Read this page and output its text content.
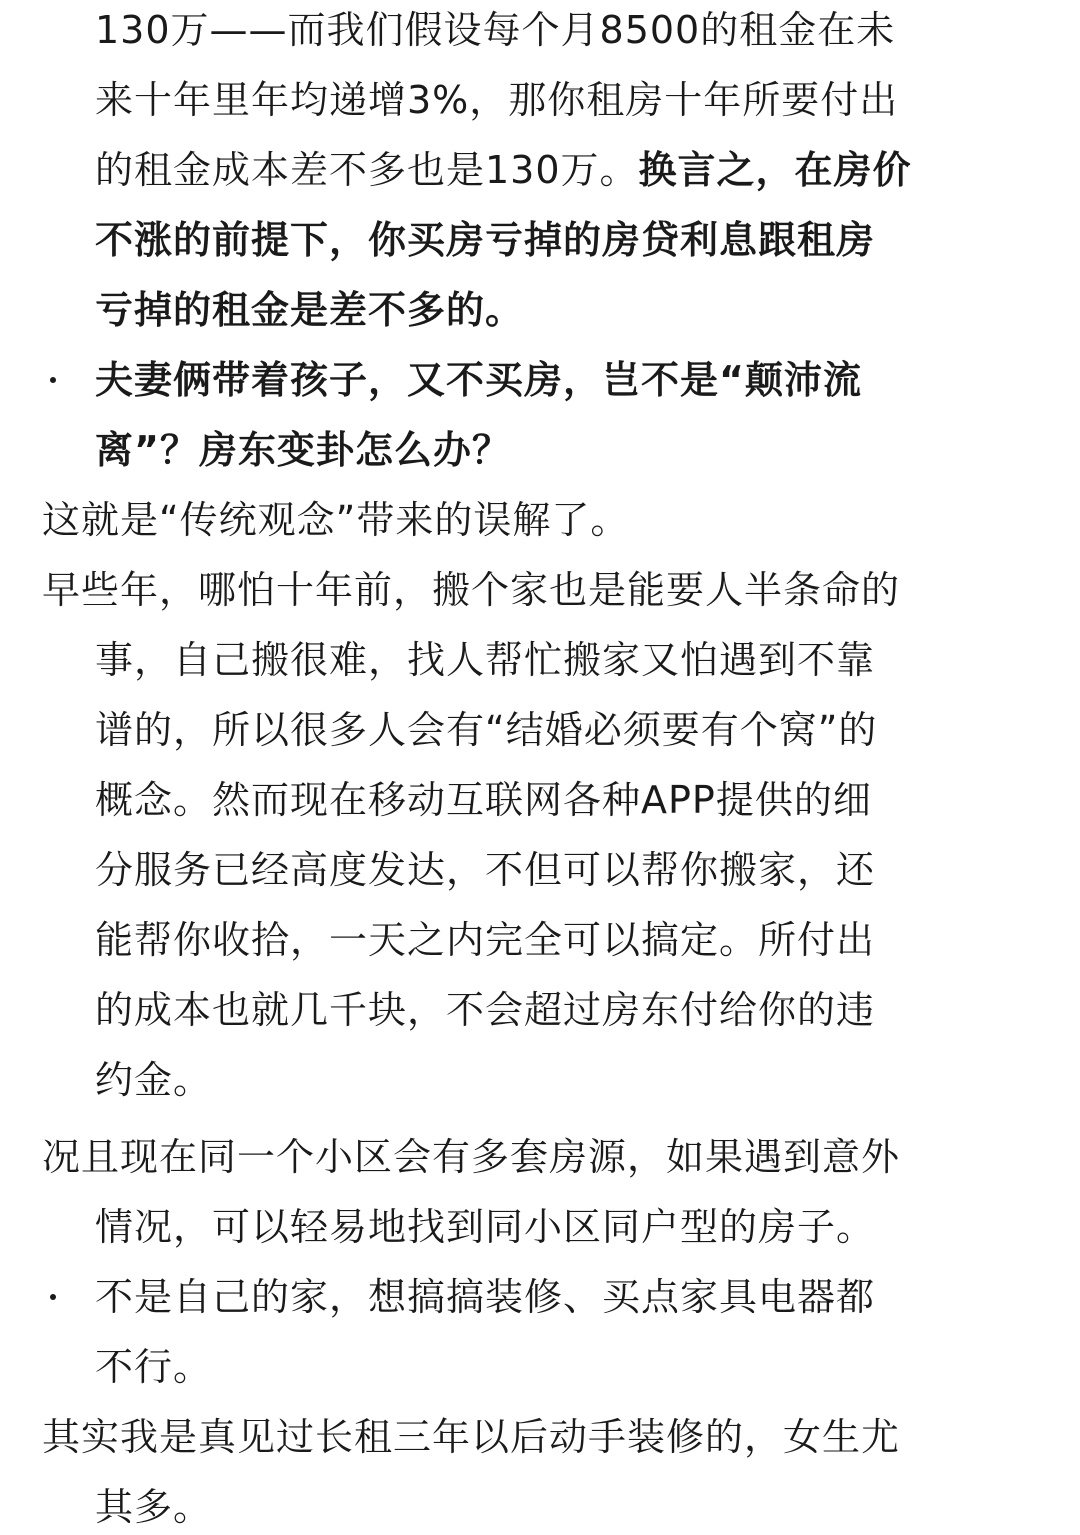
130万——而我们假设每个月8500的租金在未
来十年里年均递增3%，那你租房十年所要付出
的租金成本差不多也是130万。换言之，在房价
不涨的前提下，你买房亏掉的房贷利息跟租房
亏掉的租金是差不多的。
夫妻俩带着孩子，又不买房，岂不是“颠沛流
离”？房东变卦怎么办？
这就是“传统观念”带来的误解了。
早些年，哪怕十年前，搬个家也是能要人半条命的
事，自己搬很难，找人帮忙搬家又怕遇到不靠
谱的，所以很多人会有“结婚必须要有个窝”的
概念。然而现在移动互联网各种APP提供的细
分服务已经高度发达，不但可以帮你搬家，还
能帮你收拾，一天之内完全可以搞定。所付出
的成本也就几千块，不会超过房东付给你的违
约金。
况且现在同一个小区会有多套房源，如果遇到意外
情况，可以轻易地找到同小区同户型的房子。
不是自己的家，想搞搞装修、买点家具电器都
不行。
其实我是真见过长租三年以后动手装修的，女生尤
其多。
